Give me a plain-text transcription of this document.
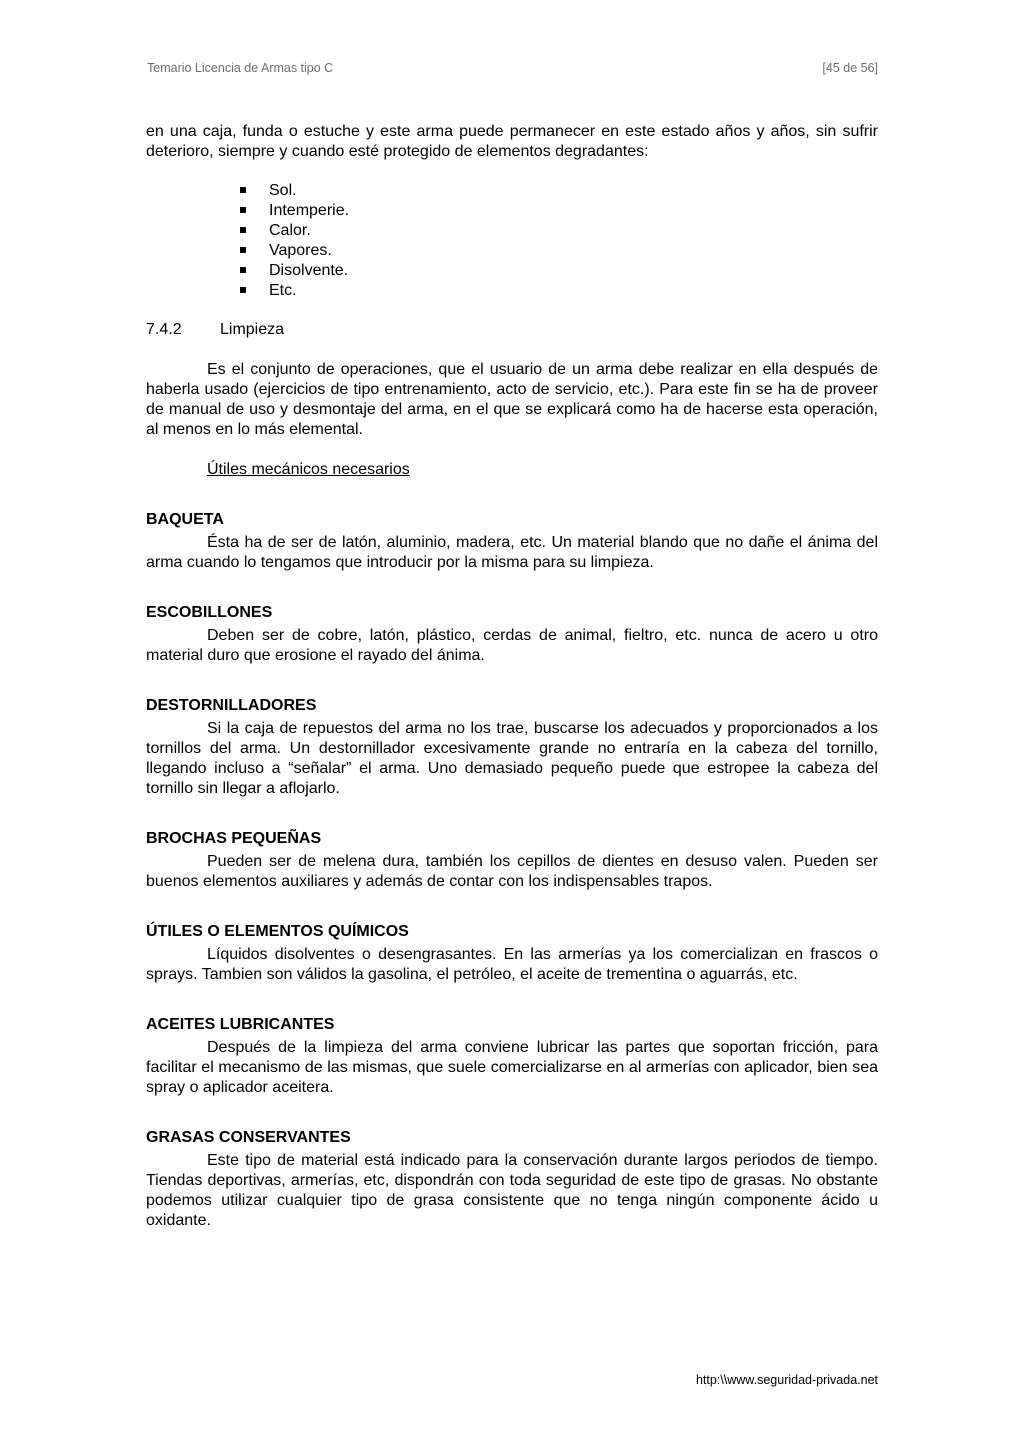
Temario Licencia de Armas tipo C	[45 de 56]

en una caja, funda o estuche y este arma puede permanecer en este estado años y años, sin sufrir deterioro, siempre y cuando esté protegido de elementos degradantes:

Sol.
Intemperie.
Calor.
Vapores.
Disolvente.
Etc.
7.4.2	Limpieza

Es el conjunto de operaciones, que el usuario de un arma debe realizar en ella después de haberla usado (ejercicios de tipo entrenamiento, acto de servicio, etc.). Para este fin se ha de proveer de manual de uso y desmontaje del arma, en el que se explicará como ha de hacerse esta operación, al menos en lo más elemental.

Útiles mecánicos necesarios
BAQUETA

Ésta ha de ser de latón, aluminio, madera, etc. Un material blando que no dañe el ánima del arma cuando lo tengamos que introducir por la misma para su limpieza.

ESCOBILLONES

Deben ser de cobre, latón, plástico, cerdas de animal, fieltro, etc. nunca de acero u otro material duro que erosione el rayado del ánima.

DESTORNILLADORES

Si la caja de repuestos del arma no los trae, buscarse los adecuados y proporcionados a los tornillos del arma. Un destornillador excesivamente grande no entraría en la cabeza del tornillo, llegando incluso a “señalar” el arma. Uno demasiado pequeño puede que estropee la cabeza del tornillo sin llegar a aflojarlo.

BROCHAS PEQUEÑAS

Pueden ser de melena dura, también los cepillos de dientes en desuso valen. Pueden ser buenos elementos auxiliares y además de contar con los indispensables trapos.

ÚTILES O ELEMENTOS QUÍMICOS

Líquidos disolventes o desengrasantes. En las armerías ya los comercializan en frascos o sprays. Tambien son válidos la gasolina, el petróleo, el aceite de trementina o aguarrás, etc.

ACEITES LUBRICANTES

Después de la limpieza del arma conviene lubricar las partes que soportan fricción, para facilitar el mecanismo de las mismas, que suele comercializarse en al armerías con aplicador, bien sea spray o aplicador aceitera.

GRASAS CONSERVANTES

Este tipo de material está indicado para la conservación durante largos periodos de tiempo. Tiendas deportivas, armerías, etc, dispondrán con toda seguridad de este tipo de grasas. No obstante podemos utilizar cualquier tipo de grasa consistente que no tenga ningún componente ácido u oxidante.

http:\\www.seguridad-privada.net
